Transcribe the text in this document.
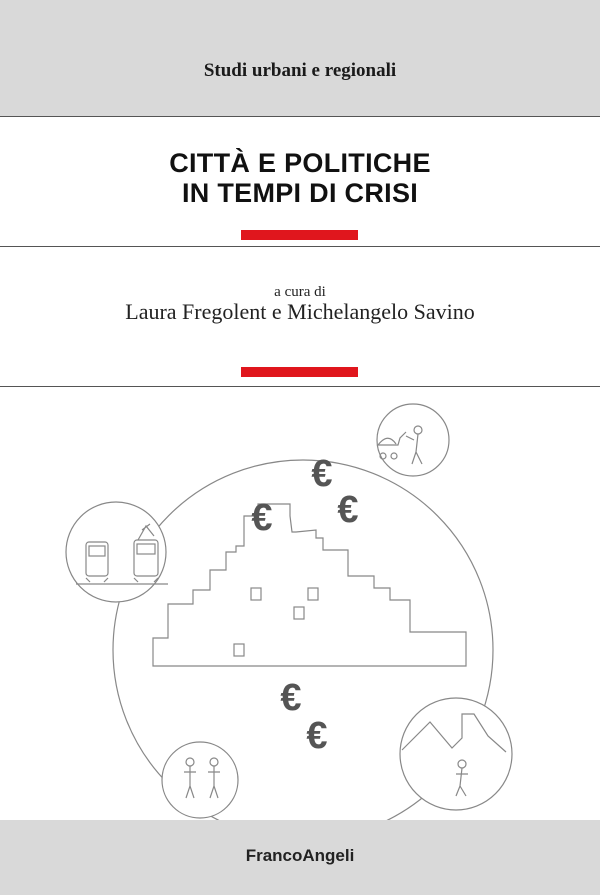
Studi urbani e regionali
CITTÀ E POLITICHE
IN TEMPI DI CRISI
a cura di
Laura Fregolent e Michelangelo Savino
€
€
€
€
€
FrancoAngeli
